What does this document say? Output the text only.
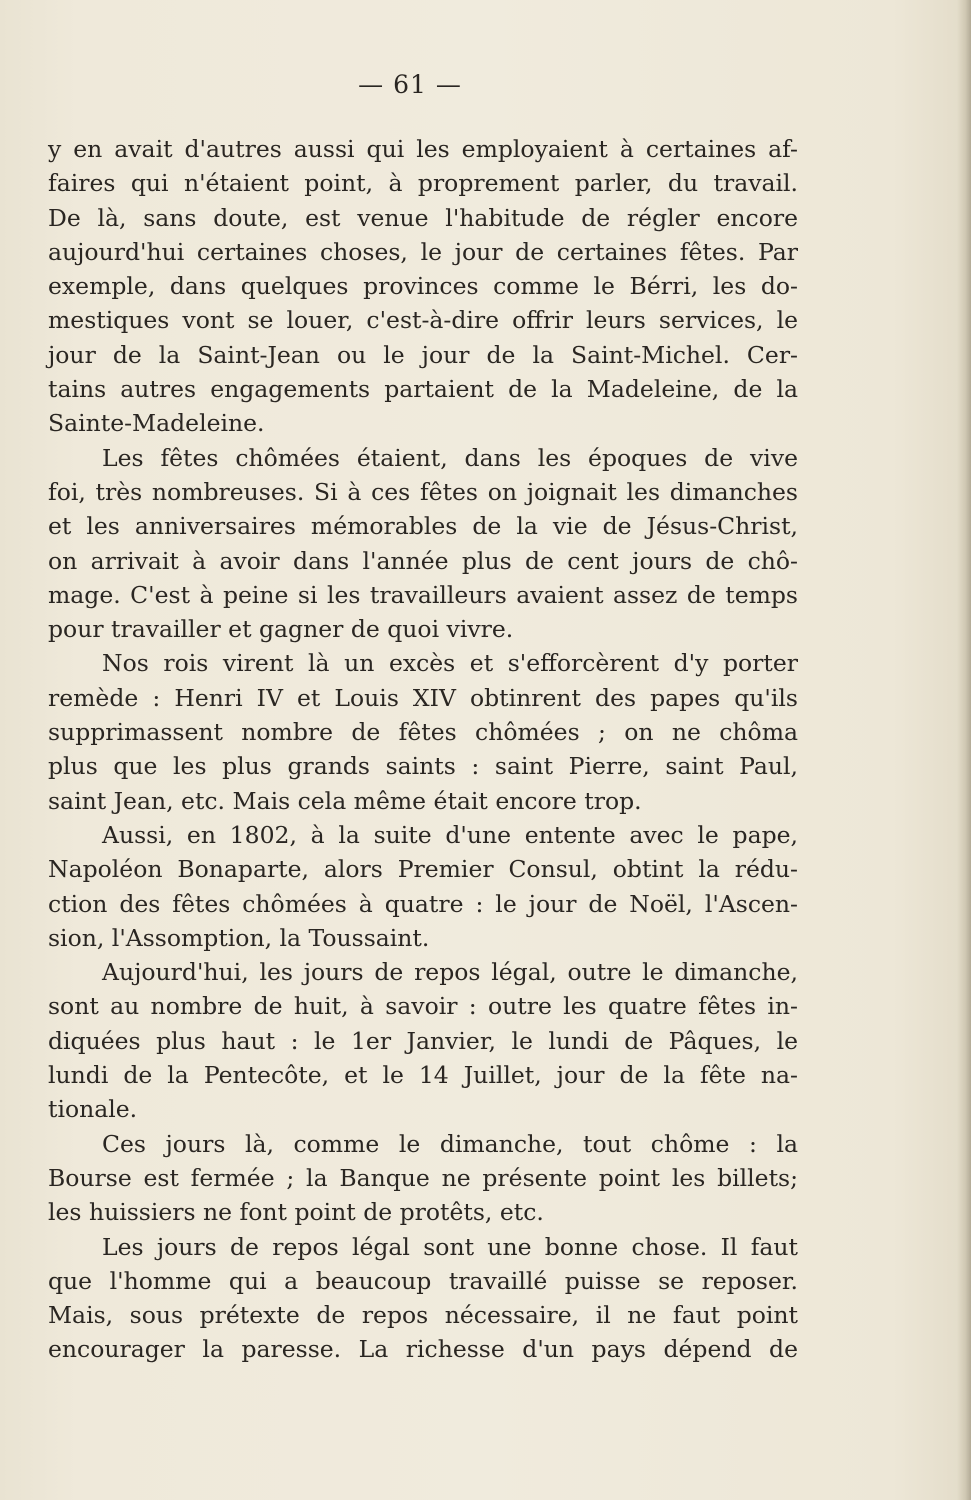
— 61 —
y en avait d'autres aussi qui les employaient à certaines af-
faires qui n'étaient point, à proprement parler, du travail.
De là, sans doute, est venue l'habitude de régler encore
aujourd'hui certaines choses, le jour de certaines fêtes. Par
exemple, dans quelques provinces comme le Bérri, les do-
mestiques vont se louer, c'est-à-dire offrir leurs services, le
jour de la Saint-Jean ou le jour de la Saint-Michel. Cer-
tains autres engagements partaient de la Madeleine, de la
Sainte-Madeleine.
Les fêtes chômées étaient, dans les époques de vive
foi, très nombreuses. Si à ces fêtes on joignait les dimanches
et les anniversaires mémorables de la vie de Jésus-Christ,
on arrivait à avoir dans l'année plus de cent jours de chô-
mage. C'est à peine si les travailleurs avaient assez de temps
pour travailler et gagner de quoi vivre.
Nos rois virent là un excès et s'efforcèrent d'y porter
remède : Henri IV et Louis XIV obtinrent des papes qu'ils
supprimassent nombre de fêtes chômées ; on ne chôma
plus que les plus grands saints : saint Pierre, saint Paul,
saint Jean, etc. Mais cela même était encore trop.
Aussi, en 1802, à la suite d'une entente avec le pape,
Napoléon Bonaparte, alors Premier Consul, obtint la rédu-
ction des fêtes chômées à quatre : le jour de Noël, l'Ascen-
sion, l'Assomption, la Toussaint.
Aujourd'hui, les jours de repos légal, outre le dimanche,
sont au nombre de huit, à savoir : outre les quatre fêtes in-
diquées plus haut : le 1er Janvier, le lundi de Pâques, le
lundi de la Pentecôte, et le 14 Juillet, jour de la fête na-
tionale.
Ces jours là, comme le dimanche, tout chôme : la
Bourse est fermée ; la Banque ne présente point les billets;
les huissiers ne font point de protêts, etc.
Les jours de repos légal sont une bonne chose. Il faut
que l'homme qui a beaucoup travaillé puisse se reposer.
Mais, sous prétexte de repos nécessaire, il ne faut point
encourager la paresse. La richesse d'un pays dépend de
